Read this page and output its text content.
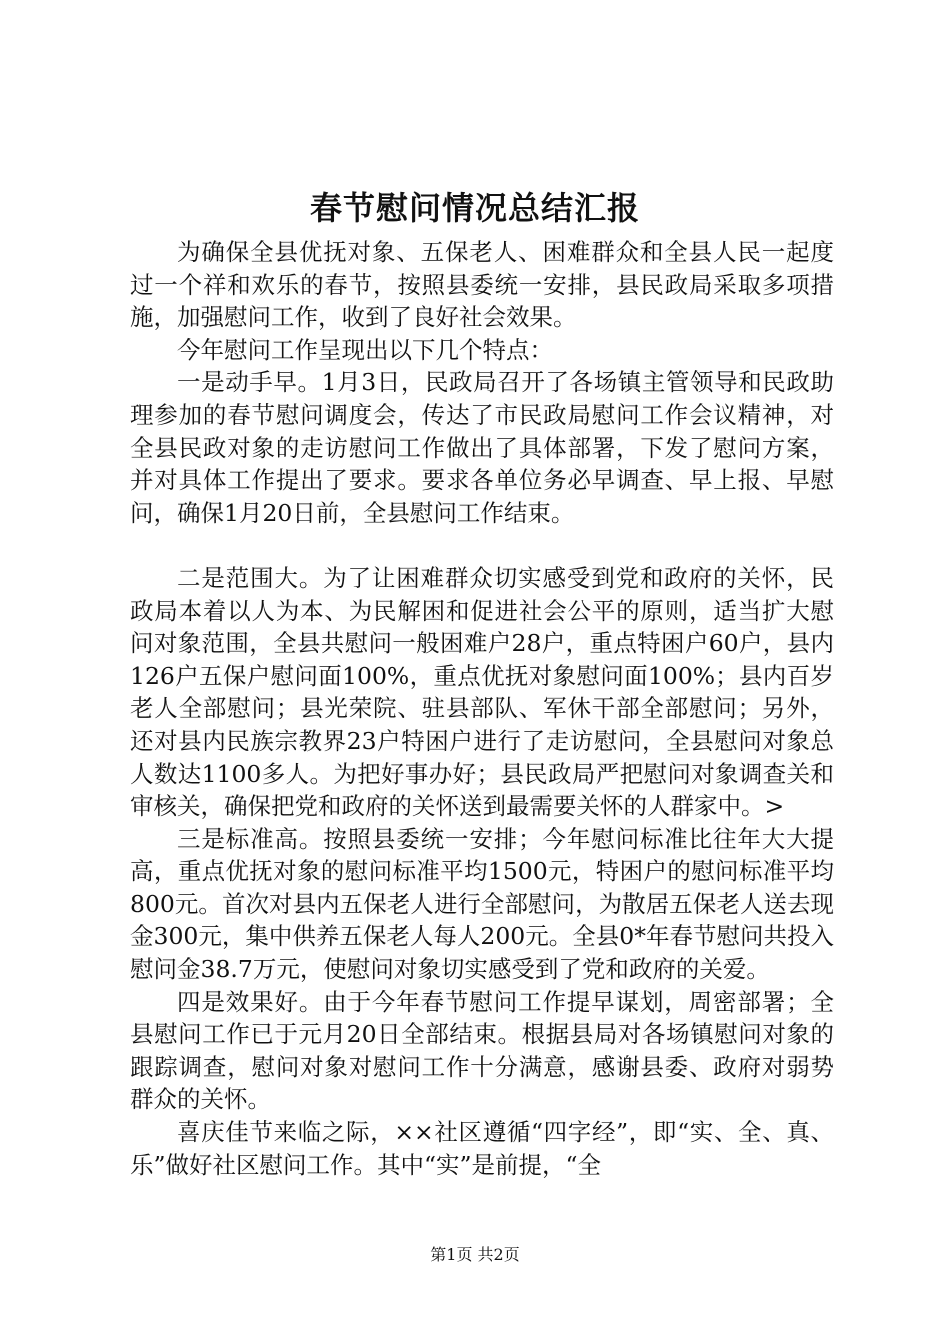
春节慰问情况总结汇报

为确保全县优抚对象、五保老人、困难群众和全县人民一起度过一个祥和欢乐的春节，按照县委统一安排，县民政局采取多项措施，加强慰问工作，收到了良好社会效果。

今年慰问工作呈现出以下几个特点：

一是动手早。1月3日，民政局召开了各场镇主管领导和民政助理参加的春节慰问调度会，传达了市民政局慰问工作会议精神，对全县民政对象的走访慰问工作做出了具体部署，下发了慰问方案，并对具体工作提出了要求。要求各单位务必早调查、早上报、早慰问，确保1月20日前，全县慰问工作结束。

二是范围大。为了让困难群众切实感受到党和政府的关怀，民政局本着以人为本、为民解困和促进社会公平的原则，适当扩大慰问对象范围，全县共慰问一般困难户28户，重点特困户60户，县内126户五保户慰问面100%，重点优抚对象慰问面100%；县内百岁老人全部慰问；县光荣院、驻县部队、军休干部全部慰问；另外，还对县内民族宗教界23户特困户进行了走访慰问，全县慰问对象总人数达1100多人。为把好事办好；县民政局严把慰问对象调查关和审核关，确保把党和政府的关怀送到最需要关怀的人群家中。>

三是标准高。按照县委统一安排；今年慰问标准比往年大大提高，重点优抚对象的慰问标准平均1500元，特困户的慰问标准平均800元。首次对县内五保老人进行全部慰问，为散居五保老人送去现金300元，集中供养五保老人每人200元。全县0*年春节慰问共投入慰问金38.7万元，使慰问对象切实感受到了党和政府的关爱。

四是效果好。由于今年春节慰问工作提早谋划，周密部署；全县慰问工作已于元月20日全部结束。根据县局对各场镇慰问对象的跟踪调查，慰问对象对慰问工作十分满意，感谢县委、政府对弱势群众的关怀。

喜庆佳节来临之际，××社区遵循“四字经”，即“实、全、真、乐”做好社区慰问工作。其中“实”是前提，“全

第1页 共2页
